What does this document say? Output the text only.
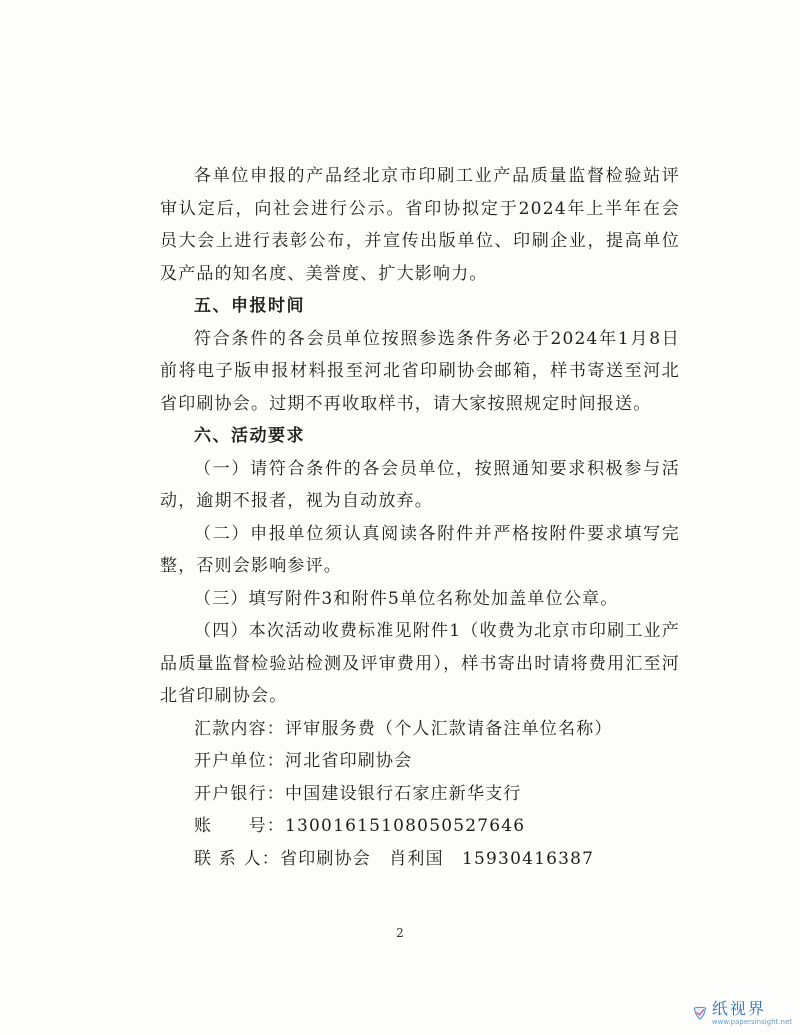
各单位申报的产品经北京市印刷工业产品质量监督检验站评审认定后，向社会进行公示。省印协拟定于2024年上半年在会员大会上进行表彰公布，并宣传出版单位、印刷企业，提高单位及产品的知名度、美誉度、扩大影响力。

五、申报时间

符合条件的各会员单位按照参选条件务必于2024年1月8日前将电子版申报材料报至河北省印刷协会邮箱，样书寄送至河北省印刷协会。过期不再收取样书，请大家按照规定时间报送。

六、活动要求

（一）请符合条件的各会员单位，按照通知要求积极参与活动，逾期不报者，视为自动放弃。

（二）申报单位须认真阅读各附件并严格按附件要求填写完整，否则会影响参评。

（三）填写附件3和附件5单位名称处加盖单位公章。

（四）本次活动收费标准见附件1（收费为北京市印刷工业产品质量监督检验站检测及评审费用），样书寄出时请将费用汇至河北省印刷协会。

汇款内容：评审服务费（个人汇款请备注单位名称）

开户单位：河北省印刷协会

开户银行：中国建设银行石家庄新华支行

账　　号：13001615108050527646

联 系 人：省印刷协会　肖利国　15930416387

2
纸视界
www.papersinsight.net
